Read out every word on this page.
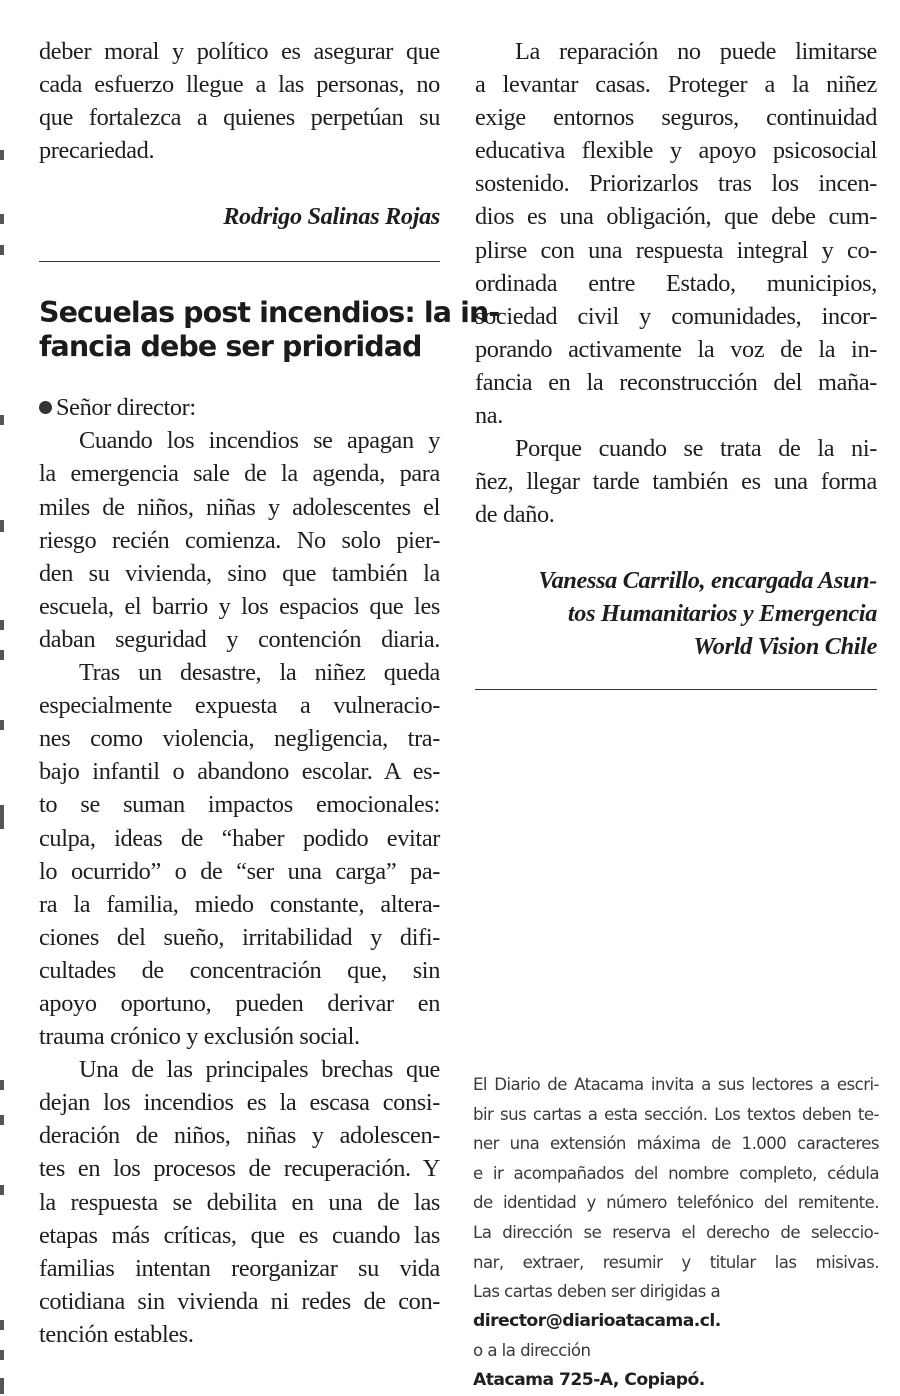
deber moral y político es asegurar que
cada esfuerzo llegue a las personas, no
que fortalezca a quienes perpetúan su
precariedad.
Rodrigo Salinas Rojas
Secuelas post incendios: la in-
fancia debe ser prioridad
Señor director:
Cuando los incendios se apagan y
la emergencia sale de la agenda, para
miles de niños, niñas y adolescentes el
riesgo recién comienza. No solo pier-
den su vivienda, sino que también la
escuela, el barrio y los espacios que les
daban seguridad y contención diaria.
Tras un desastre, la niñez queda
especialmente expuesta a vulneracio-
nes como violencia, negligencia, tra-
bajo infantil o abandono escolar. A es-
to se suman impactos emocionales:
culpa, ideas de “haber podido evitar
lo ocurrido” o de “ser una carga” pa-
ra la familia, miedo constante, altera-
ciones del sueño, irritabilidad y difi-
cultades de concentración que, sin
apoyo oportuno, pueden derivar en
trauma crónico y exclusión social.
Una de las principales brechas que
dejan los incendios es la escasa consi-
deración de niños, niñas y adolescen-
tes en los procesos de recuperación. Y
la respuesta se debilita en una de las
etapas más críticas, que es cuando las
familias intentan reorganizar su vida
cotidiana sin vivienda ni redes de con-
tención estables.
La reparación no puede limitarse
a levantar casas. Proteger a la niñez
exige entornos seguros, continuidad
educativa flexible y apoyo psicosocial
sostenido. Priorizarlos tras los incen-
dios es una obligación, que debe cum-
plirse con una respuesta integral y co-
ordinada entre Estado, municipios,
sociedad civil y comunidades, incor-
porando activamente la voz de la in-
fancia en la reconstrucción del maña-
na.
Porque cuando se trata de la ni-
ñez, llegar tarde también es una forma
de daño.
Vanessa Carrillo, encargada Asun-
tos Humanitarios y Emergencia
World Vision Chile
El Diario de Atacama invita a sus lectores a escri-
bir sus cartas a esta sección. Los textos deben te-
ner una extensión máxima de 1.000 caracteres
e ir acompañados del nombre completo, cédula
de identidad y número telefónico del remitente.
La dirección se reserva el derecho de seleccio-
nar, extraer, resumir y titular las misivas.
Las cartas deben ser dirigidas a
director@diarioatacama.cl.
o a la dirección
Atacama 725-A, Copiapó.
